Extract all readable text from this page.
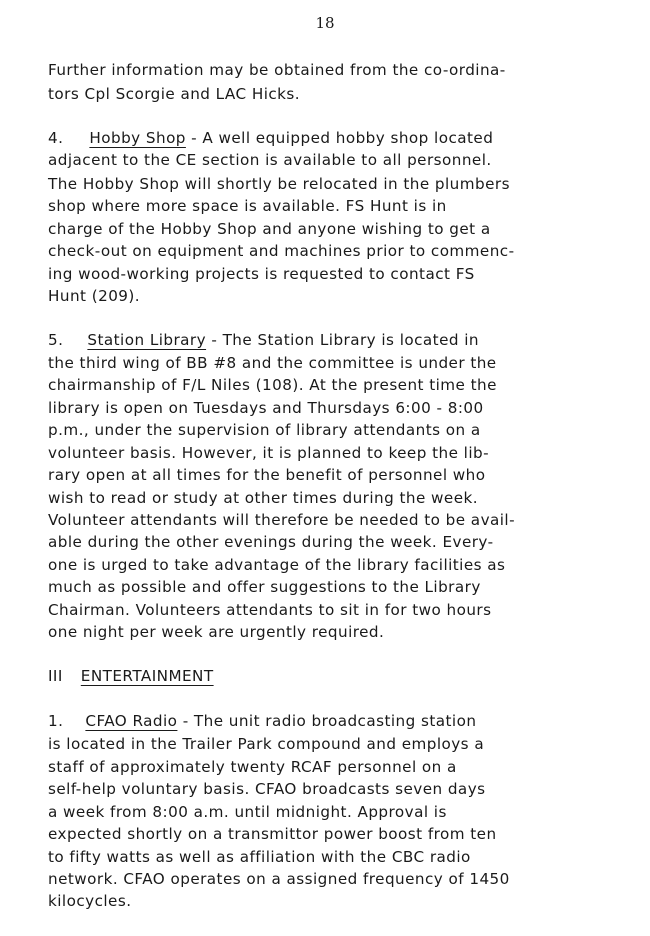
18
Further information may be obtained from the co-ordina-
tors Cpl Scorgie and LAC Hicks.
4. Hobby Shop - A well equipped hobby shop located
adjacent to the CE section is available to all personnel.
The Hobby Shop will shortly be relocated in the plumbers
shop where more space is available. FS Hunt is in
charge of the Hobby Shop and anyone wishing to get a
check-out on equipment and machines prior to commenc-
ing wood-working projects is requested to contact FS
Hunt (209).
5. Station Library - The Station Library is located in
the third wing of BB #8 and the committee is under the
chairmanship of F/L Niles (108). At the present time the
library is open on Tuesdays and Thursdays 6:00 - 8:00
p.m., under the supervision of library attendants on a
volunteer basis. However, it is planned to keep the lib-
rary open at all times for the benefit of personnel who
wish to read or study at other times during the week.
Volunteer attendants will therefore be needed to be avail-
able during the other evenings during the week. Every-
one is urged to take advantage of the library facilities as
much as possible and offer suggestions to the Library
Chairman. Volunteers attendants to sit in for two hours
one night per week are urgently required.
III ENTERTAINMENT
1. CFAO Radio - The unit radio broadcasting station
is located in the Trailer Park compound and employs a
staff of approximately twenty RCAF personnel on a
self-help voluntary basis. CFAO broadcasts seven days
a week from 8:00 a.m. until midnight. Approval is
expected shortly on a transmittor power boost from ten
to fifty watts as well as affiliation with the CBC radio
network. CFAO operates on a assigned frequency of 1450
kilocycles.
